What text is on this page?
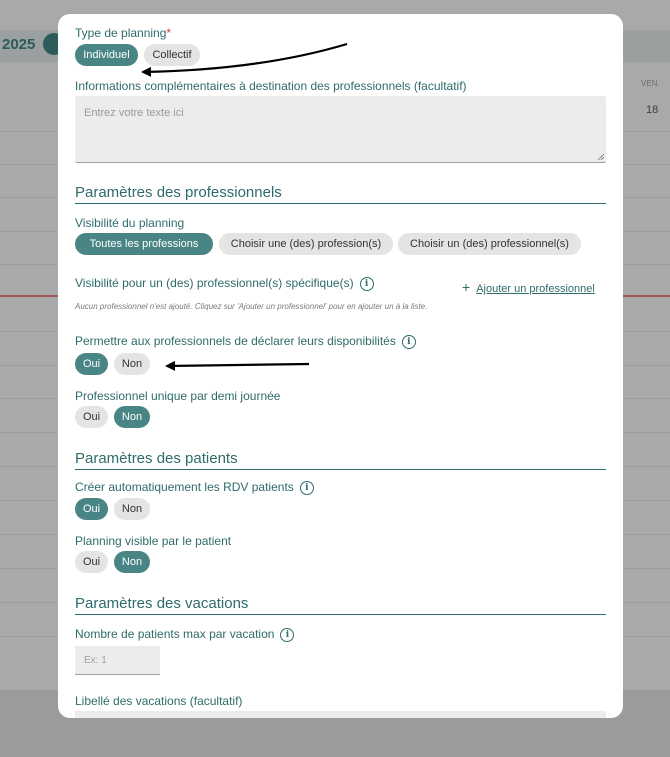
2025
VEN.
18
Type de planning*
Individuel	Collectif
Informations complémentaires à destination des professionnels (facultatif)
Entrez votre texte ici
Paramètres des professionnels
Visibilité du planning
Toutes les professions	Choisir une (des) profession(s)	Choisir un (des) professionnel(s)
Visibilité pour un (des) professionnel(s) spécifique(s) i	+ Ajouter un professionnel
Aucun professionnel n'est ajouté. Cliquez sur 'Ajouter un professionnel' pour en ajouter un à la liste.
Permettre aux professionnels de déclarer leurs disponibilités i
Oui	Non
Professionnel unique par demi journée
Oui	Non
Paramètres des patients
Créer automatiquement les RDV patients i
Oui	Non
Planning visible par le patient
Oui	Non
Paramètres des vacations
Nombre de patients max par vacation i
Ex: 1
Libellé des vacations (facultatif)
